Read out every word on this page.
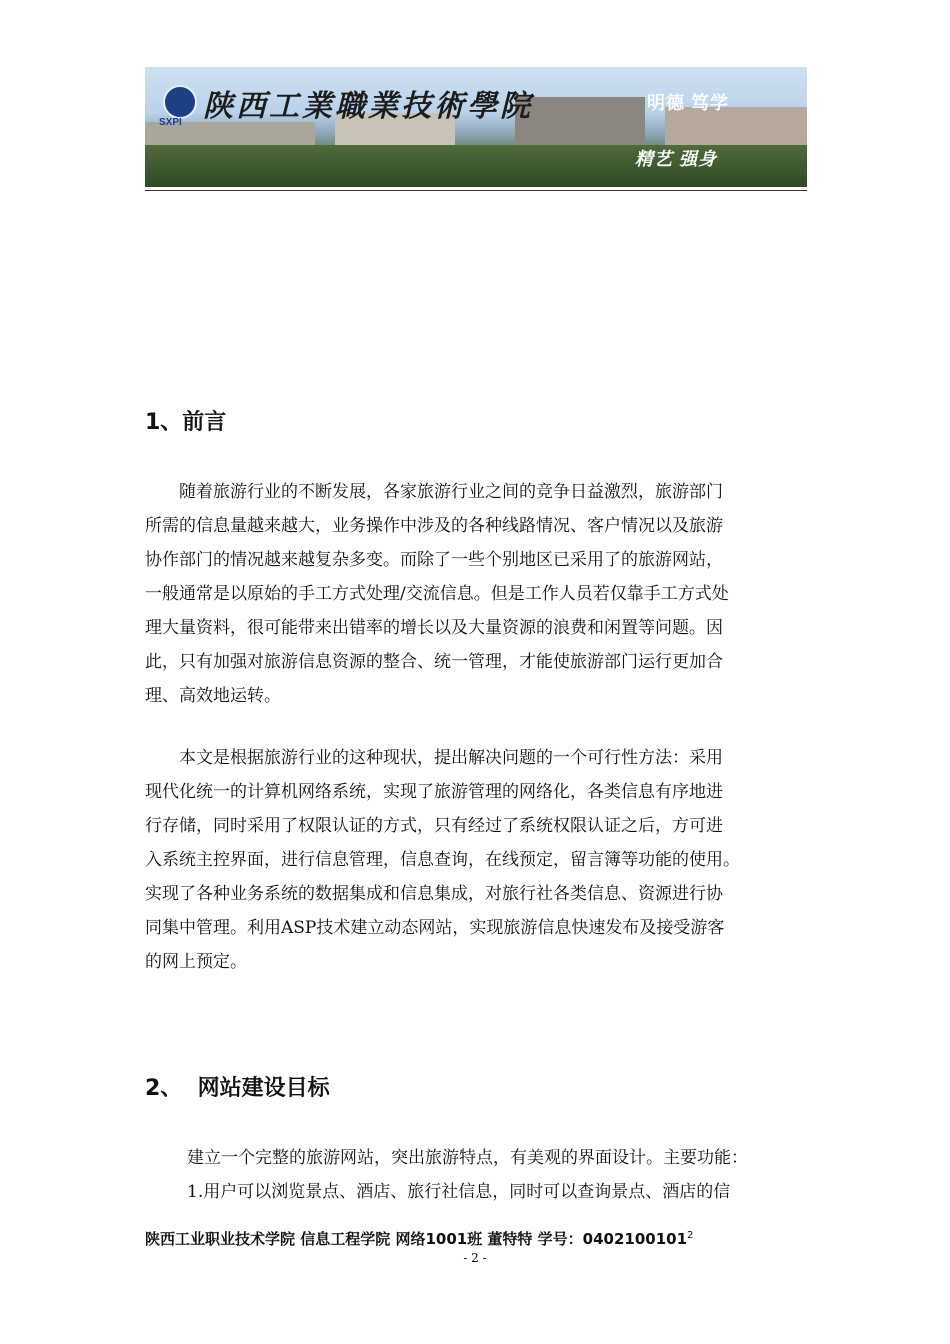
SXPI 陕西工業職業技術學院	明德 笃学
精艺 强身
1、前言
随着旅游行业的不断发展，各家旅游行业之间的竞争日益激烈，旅游部门
所需的信息量越来越大，业务操作中涉及的各种线路情况、客户情况以及旅游
协作部门的情况越来越复杂多变。而除了一些个别地区已采用了的旅游网站，
一般通常是以原始的手工方式处理/交流信息。但是工作人员若仅靠手工方式处
理大量资料，很可能带来出错率的增长以及大量资源的浪费和闲置等问题。因
此，只有加强对旅游信息资源的整合、统一管理，才能使旅游部门运行更加合
理、高效地运转。
本文是根据旅游行业的这种现状，提出解决问题的一个可行性方法：采用
现代化统一的计算机网络系统，实现了旅游管理的网络化，各类信息有序地进
行存储，同时采用了权限认证的方式，只有经过了系统权限认证之后，方可进
入系统主控界面，进行信息管理，信息查询，在线预定，留言簿等功能的使用。
实现了各种业务系统的数据集成和信息集成，对旅行社各类信息、资源进行协
同集中管理。利用ASP技术建立动态网站，实现旅游信息快速发布及接受游客
的网上预定。
2、  网站建设目标
建立一个完整的旅游网站，突出旅游特点，有美观的界面设计。主要功能：
1.用户可以浏览景点、酒店、旅行社信息，同时可以查询景点、酒店的信
陕西工业职业技术学院 信息工程学院 网络1001班 董特特 学号：0402100101$^2$
- 2 -
